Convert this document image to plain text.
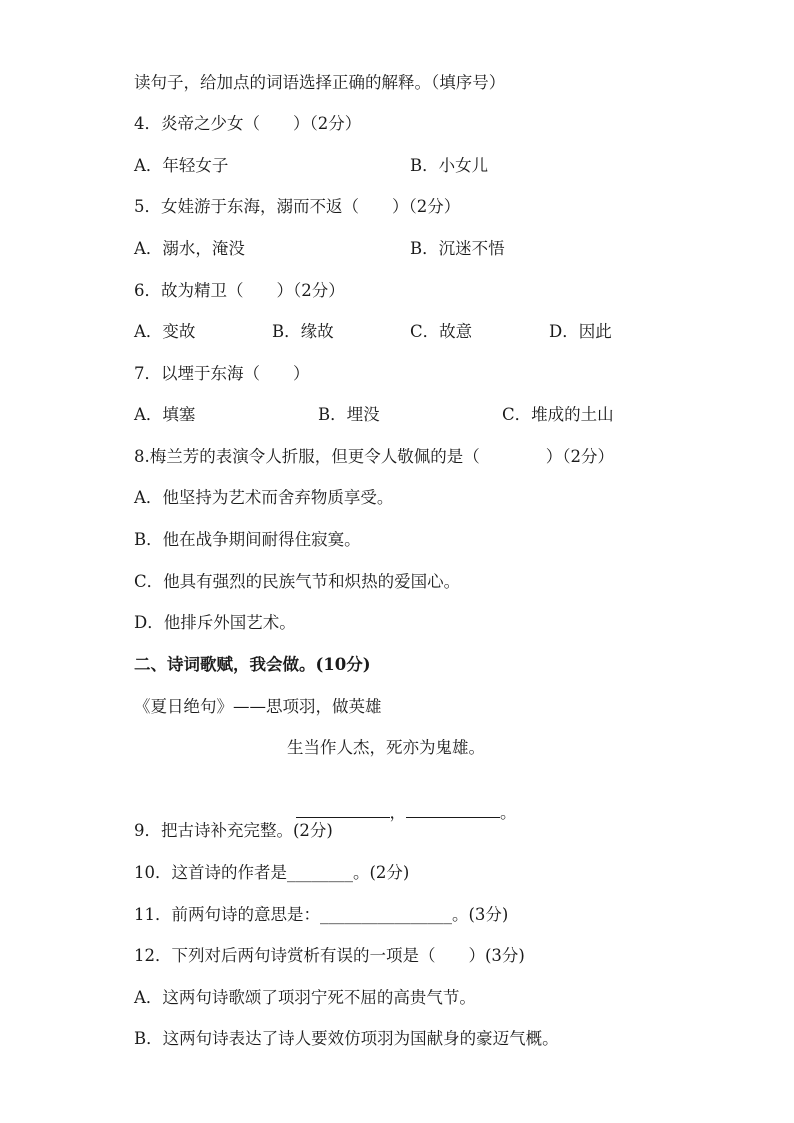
读句子，给加点的词语选择正确的解释。（填序号）
4．炎帝之少女（　　）（2分）
A．年轻女子	B．小女儿
5．女娃游于东海，溺而不返（　　）（2分）
A．溺水，淹没	B．沉迷不悟
6．故为精卫（　　）（2分）
A．变故	B．缘故	C．故意	D．因此
7．以堙于东海（　　）
A．填塞	B．埋没	C．堆成的土山
8.梅兰芳的表演令人折服，但更令人敬佩的是（　　　　）（2分）
A．他坚持为艺术而舍弃物质享受。
B．他在战争期间耐得住寂寞。
C．他具有强烈的民族气节和炽热的爱国心。
D．他排斥外国艺术。
二、诗词歌赋，我会做。(10分)
《夏日绝句》——思项羽，做英雄
生当作人杰，死亦为鬼雄。

，	。

9．把古诗补充完整。(2分)
10．这首诗的作者是________。(2分)
11．前两句诗的意思是：________________。(3分)
12．下列对后两句诗赏析有误的一项是（　　）(3分)
A．这两句诗歌颂了项羽宁死不屈的高贵气节。
B．这两句诗表达了诗人要效仿项羽为国献身的豪迈气概。
